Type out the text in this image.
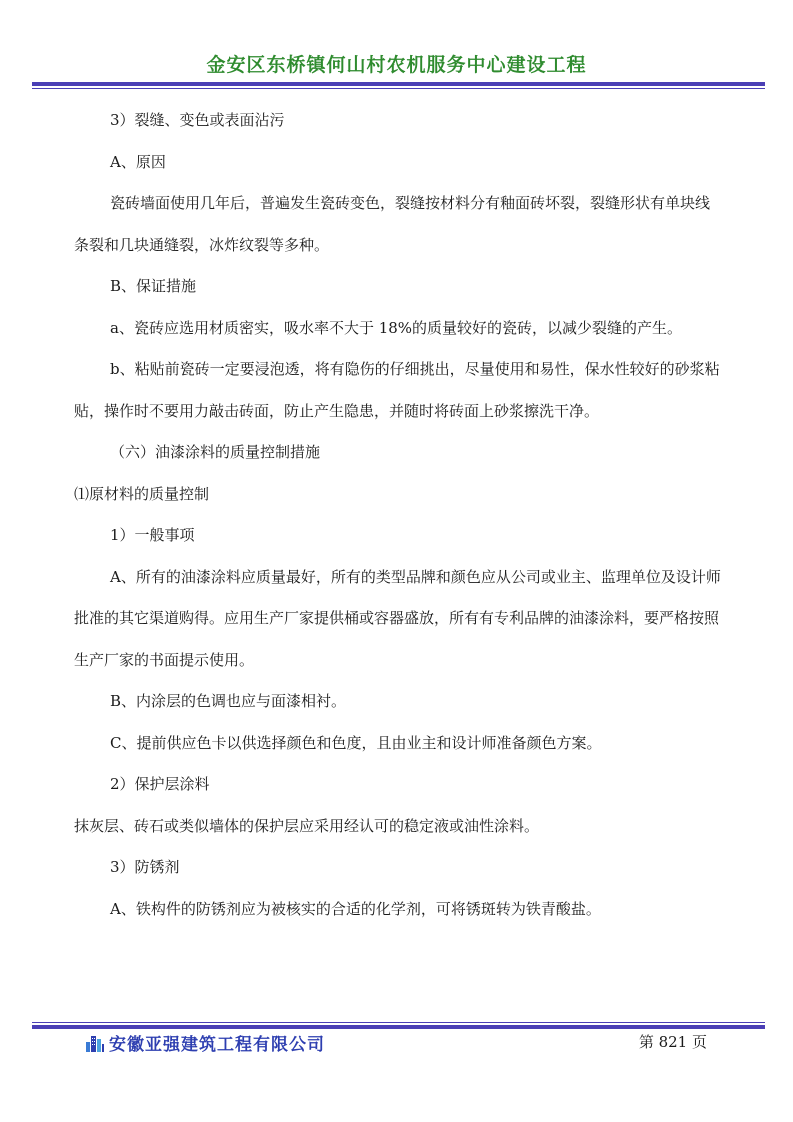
金安区东桥镇何山村农机服务中心建设工程

3）裂缝、变色或表面沾污

A、原因

瓷砖墙面使用几年后，普遍发生瓷砖变色，裂缝按材料分有釉面砖坏裂，裂缝形状有单块线条裂和几块通缝裂，冰炸纹裂等多种。

B、保证措施

a、瓷砖应选用材质密实，吸水率不大于 18%的质量较好的瓷砖，以减少裂缝的产生。

b、粘贴前瓷砖一定要浸泡透，将有隐伤的仔细挑出，尽量使用和易性，保水性较好的砂浆粘贴，操作时不要用力敲击砖面，防止产生隐患，并随时将砖面上砂浆擦洗干净。

（六）油漆涂料的质量控制措施

⑴原材料的质量控制

1）一般事项

A、所有的油漆涂料应质量最好，所有的类型品牌和颜色应从公司或业主、监理单位及设计师批准的其它渠道购得。应用生产厂家提供桶或容器盛放，所有有专利品牌的油漆涂料，要严格按照生产厂家的书面提示使用。

B、内涂层的色调也应与面漆相衬。

C、提前供应色卡以供选择颜色和色度，且由业主和设计师准备颜色方案。

2）保护层涂料

抹灰层、砖石或类似墙体的保护层应采用经认可的稳定液或油性涂料。

3）防锈剂

A、铁构件的防锈剂应为被核实的合适的化学剂，可将锈斑转为铁青酸盐。

安徽亚强建筑工程有限公司	第 821 页
